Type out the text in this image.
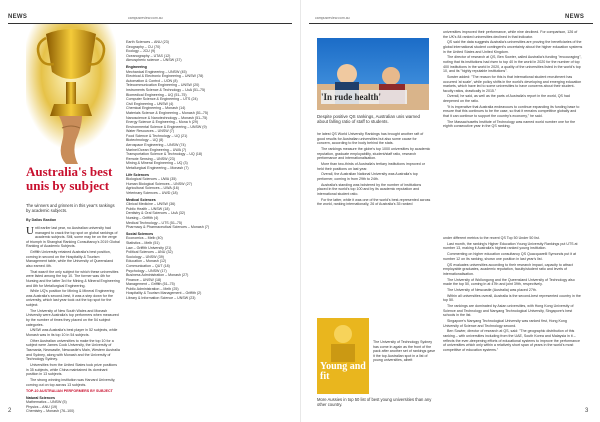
NEWS	campusreview.com.au
Australia's best unis by subject
The winners and grinners in this year's rankings by academic subjects.
By Dallas Bastian

Until earlier last year, no Australian university had managed to crack the top spot on global rankings of academic subjects. Still, some may be on the verge of triumph in Shanghai Ranking Consultancy's 2019 Global Ranking of Academic Subjects.

Griffith University retained Australia's best position, coming in second on the Hospitality & Tourism Management table, while the University of Queensland also earned 4th.

That wasn't the only subject for which these universities were listed among the top 10. The former was 4th for Nursing and the latter 3rd for Mining & Mineral Engineering and 8th for Metallurgical Engineering.

While UQ's position for Mining & Mineral Engineering was Australia's second-best, it was a step down for the university, which last year took out the top spot for the subject.

The University of New South Wales and Monash University were Australia's top performers when measured by the number of times they placed on the 54 subject categories.

UNSW was Australia's best player in 52 subjects, while Monash was in its top 10 in 54 subjects.

Other Australian universities to make the top 10 for a subject were James Cook University, the University of Tasmania, Newcastle, Newcastle's Main, Western Australia and Sydney, along with Monash and the University of Technology Sydney.

Universities from the United States took prize positions in 35 subjects, while China maintained its dominant position in 13 subjects.

The strong winning institution was Harvard University, coming out on top across 13 subjects.

TOP-10 AUSTRALIAN PERFORMERS BY SUBJECT
Natural Sciences
Mathematics – UNSW (5)
Physics – ANU (19)
Chemistry – Monash (76–100)
Earth Sciences – ANU (23)
Geography – CU (70)
Ecology – JCU (9)
Oceanography – UTAS (12)
Atmospheric science – UNSW (37)
Engineering
Mechanical Engineering – UNSW (45)
Electrical & Electronic Engineering – UNSW (78)
Automation & Control – UON (8)
Telecommunication Engineering – UNSW (20)
Instruments Science & Technology – UoA (51–75)
Biomedical Engineering – UQ (51–75)
Computer Science & Engineering – UTS (24)
Civil Engineering – UNSW (4)
Chemical Engineering – Monash (14)
Materials Science & Engineering – Monash (51–75)
Nanoscience & Nanotechnology – Monash (51–75)
Energy Science & Engineering – Mona h (29)
Environmental Science & Engineering – UNSW (9)
Water Resources – UNSW (7)
Food Science & Technology – UQ (21)
Biotechnology – UQ (8)
Aerospace Engineering – UNSW (74)
Marine/Ocean Engineering – UWA (7)
Transportation Science & Technology – UQ (18)
Remote Sensing – UNSW (23)
Mining & Mineral Engineering – UQ (3)
Metallurgical Engineering – Monash (7)
Life Sciences
Biological Sciences – UWA (35)
Human Biological Sciences – UNSW (27)
Agricultural Sciences – UWA (16)
Veterinary Sciences – UWD (18)
Medical Sciences
Clinical Medicine – UNSW (36)
Public Health – UNSW (18)
Dentistry & Oral Sciences – UoA (32)
Nursing – Griffith (4)
Medical Technology – UTS (51–75)
Pharmacy & Pharmaceutical Sciences – Monash (7)
Social Sciences
Economics – Melb (40)
Statistics – Melb (51)
Law – Griffith University (21)
Political Sciences – ANU (32)
Sociology – UNSW (39)
Education – Monash (12)
Communication – QUT (18)
Psychology – UNSW (17)
Business Administration – Monash (27)
Finance – UNSW (18)
Management – Griffith (51–75)
Public Administration – Melb (25)
Hospitality & Tourism Management – Griffith (2)
Library & Information Science – UNSW (23)
2
campusreview.com.au	NEWS
'In rude health'
Despite positive QS rankings, Australian unis warned about falling ratio of staff to students.

he latest QS World University Rankings has brought another raft of good results for Australian universities but also some cause for concern, according to the body behind the stats.

The rankings measure the globe's top 1000 universities by academic reputation, graduate employability, student/staff ratio, research performance and internationalisation.

More than two-thirds of Australia's tertiary institutions improved or held their positions on last year.

Overall, the Australian National University was Australia's top performer, coming in from 29th to 24th.

Australia's standing was bolstered by the number of institutions placed in the world's top 100 and by its academic reputation and international student ratio.

For the latter, while it was one of the world's best-represented across the world, ranking internationally, 26 of Australia's 35 ranked

universities improved their performance, while nine declined. For comparison, 126 of the UK's 84 ranked universities declined in that indicator.

QS said the data suggests Australia's universities are proving the beneficiaries of the global international student contingent's uncertainty about the higher education systems in the United States and United Kingdom.

The director of research at QS, Ben Sowter, called Australia's funding "encouraging", noting that its institutions had risen to top 40 in the world in 2020 for the number of top 400 institutions in the world in 2020, a quality of the universities listed in the world's top 10, and its "highly reputable institutions".

Sowter added: "The reason for this is that international student recruitment has occurred 'at scale', while policy shifts in the world's developing and emerging education markets, which have led to some universities to have concerns about their student-faculty ratios, drastically in 2015."

Overall, he said, as well as the parts of Australia's report in the world, QS had deepened on the ratio.

"It is imperative that Australia endeavours to continue expanding its funding base to ensure that this continues to be the case, so that it remains competitive globally and that it can continue to support the country's economy," he said.

The Massachusetts Institute of Technology was named world number one for the eighth consecutive year in the QS ranking.

under different metrics to the recent QS Top 50 Under 50 list.

Last month, the ranking's Higher Education Young University Rankings put UTS at number 13, making it Australia's highest ranked young institution.

Commenting on higher education consultancy QS Quacquarelli Symonds put it at number 12 on its ranking, shown one position in last year's list.

QS evaluates universities according to their research impact, capacity to attract employable graduates, academic reputation, faculty/student ratio and levels of internationalisation.

The University of Wollongong and the Queensland University of Technology also made the top 50, coming in at 47th and joint 39th, respectively.

The University of Newcastle (Australia) was placed 27th.

Within all universities overall, Australia is the second-best represented country in the top 50.

The rankings are dominated by Asian universities, with Hong Kong University of Science and Technology and Nanyang Technological University, Singapore's best schools in the list.

Singapore's Nanyang Technological University was ranked first, Hong Kong University of Science and Technology second.

Ben Sowter, director of research at QS, said: "The geographic distribution of this ranking – with universities including from the UAE, South Korea and Malaysia in it – reflects the ever-deepening efforts of educational systems to improve the performance of universities which only within a relatively short span of years in the world's most competitive of education systems."

Young and fit
More Aussies in top 50 list of best young universities than any other country.
The University of Technology Sydney has come in again as the front of the pack after another set of rankings gave it the top Australian spot in a list of young universities, albeit
3
